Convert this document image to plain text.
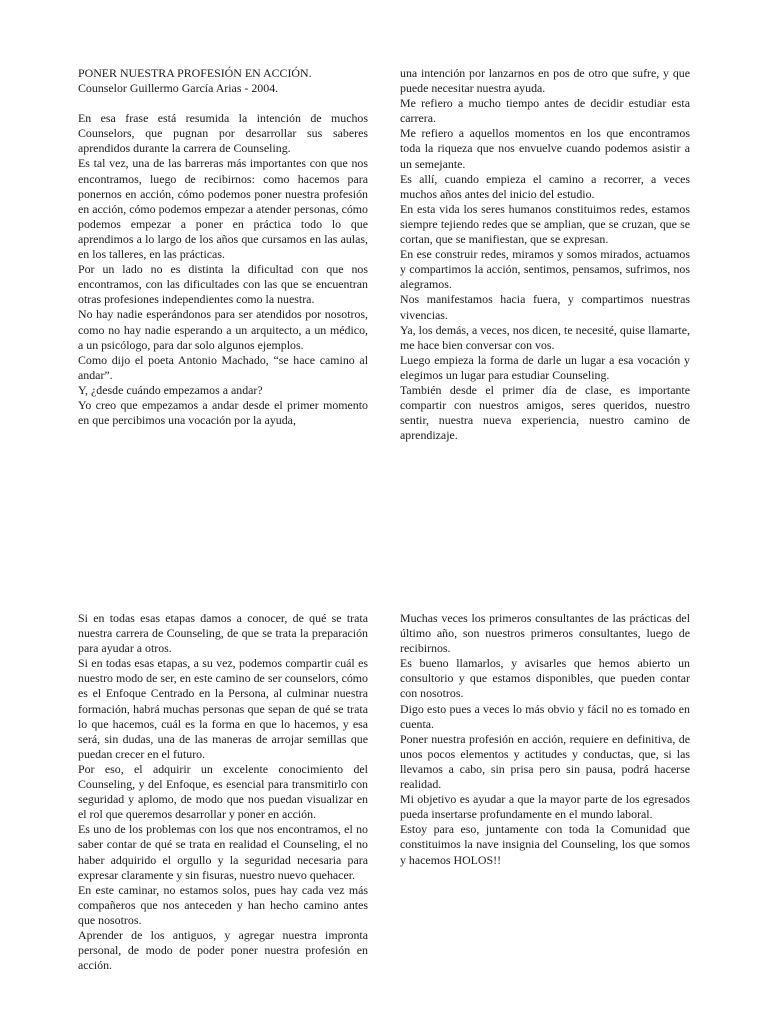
PONER NUESTRA PROFESIÓN EN ACCIÓN.

Counselor Guillermo García Arias - 2004.

En esa frase está resumida la intención de muchos Counselors, que pugnan por desarrollar sus saberes aprendidos durante la carrera de Counseling.

Es tal vez, una de las barreras más importantes con que nos encontramos, luego de recibirnos: como hacemos para ponernos en acción, cómo podemos poner nuestra profesión en acción, cómo podemos empezar a atender personas, cómo podemos empezar a poner en práctica todo lo que aprendimos a lo largo de los años que cursamos en las aulas, en los talleres, en las prácticas.

Por un lado no es distinta la dificultad con que nos encontramos, con las dificultades con las que se encuentran otras profesiones independientes como la nuestra.

No hay nadie esperándonos para ser atendidos por nosotros, como no hay nadie esperando a un arquitecto, a un médico, a un psicólogo, para dar solo algunos ejemplos.

Como dijo el poeta Antonio Machado, “se hace camino al andar”.

Y, ¿desde cuándo empezamos a andar?

Yo creo que empezamos a andar desde el primer momento en que percibimos una vocación por la ayuda,

una intención por lanzarnos en pos de otro que sufre, y que puede necesitar nuestra ayuda.

Me refiero a mucho tiempo antes de decidir estudiar esta carrera.

Me refiero a aquellos momentos en los que encontramos toda la riqueza que nos envuelve cuando podemos asistir a un semejante.

Es allí, cuando empieza el camino a recorrer, a veces muchos años antes del inicio del estudio.

En esta vida los seres humanos constituimos redes, estamos siempre tejiendo redes que se amplian, que se cruzan, que se cortan, que se manifiestan, que se expresan.

En ese construir redes, miramos y somos mirados, actuamos y compartimos la acción, sentimos, pensamos, sufrimos, nos alegramos.

Nos manifestamos hacia fuera, y compartimos nuestras vivencias.

Ya, los demás, a veces, nos dicen, te necesité, quise llamarte, me hace bien conversar con vos.

Luego empieza la forma de darle un lugar a esa vocación y elegimos un lugar para estudiar Counseling.

También desde el primer día de clase, es importante compartir con nuestros amigos, seres queridos, nuestro sentir, nuestra nueva experiencia, nuestro camino de aprendizaje.

Si en todas esas etapas damos a conocer, de qué se trata nuestra carrera de Counseling, de que se trata la preparación para ayudar a otros.

Si en todas esas etapas, a su vez, podemos compartir cuál es nuestro modo de ser, en este camino de ser counselors, cómo es el Enfoque Centrado en la Persona, al culminar nuestra formación, habrá muchas personas que sepan de qué se trata lo que hacemos, cuál es la forma en que lo hacemos, y esa será, sin dudas, una de las maneras de arrojar semillas que puedan crecer en el futuro.

Por eso, el adquirir un excelente conocimiento del Counseling, y del Enfoque, es esencial para transmitirlo con seguridad y aplomo, de modo que nos puedan visualizar en el rol que queremos desarrollar y poner en acción.

Es uno de los problemas con los que nos encontramos, el no saber contar de qué se trata en realidad el Counseling, el no haber adquirido el orgullo y la seguridad necesaria para expresar claramente y sin fisuras, nuestro nuevo quehacer.

En este caminar, no estamos solos, pues hay cada vez más compañeros que nos anteceden y han hecho camino antes que nosotros.

Aprender de los antiguos, y agregar nuestra impronta personal, de modo de poder poner nuestra profesión en acción.

Muchas veces los primeros consultantes de las prácticas del último año, son nuestros primeros consultantes, luego de recibirnos.

Es bueno llamarlos, y avisarles que hemos abierto un consultorio y que estamos disponibles, que pueden contar con nosotros.

Digo esto pues a veces lo más obvio y fácil no es tomado en cuenta.

Poner nuestra profesión en acción, requiere en definitiva, de unos pocos elementos y actitudes y conductas, que, si las llevamos a cabo, sin prisa pero sin pausa, podrá hacerse realidad.

Mi objetivo es ayudar a que la mayor parte de los egresados pueda insertarse profundamente en el mundo laboral.

Estoy para eso, juntamente con toda la Comunidad que constituimos la nave insignia del Counseling, los que somos y hacemos HOLOS!!
